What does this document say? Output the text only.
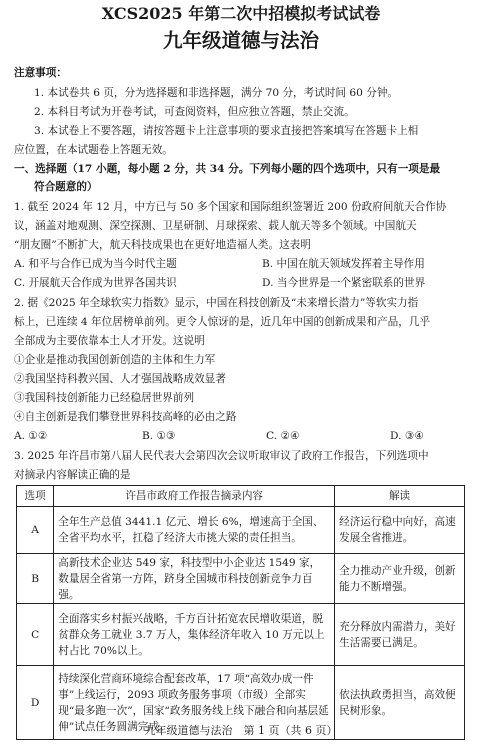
XCS2025 年第二次中招模拟考试试卷
九年级道德与法治
注意事项：
1. 本试卷共 6 页，分为选择题和非选择题，满分 70 分，考试时间 60 分钟。
2. 本科目考试为开卷考试，可查阅资料，但应独立答题，禁止交流。
3. 本试卷上不要答题，请按答题卡上注意事项的要求直接把答案填写在答题卡上相
应位置，在本试题卷上答题无效。
一、选择题（17 小题，每小题 2 分，共 34 分。下列每小题的四个选项中，只有一项是最
符合题意的）
1. 截至 2024 年 12 月，中方已与 50 多个国家和国际组织签署近 200 份政府间航天合作协
议，涵盖对地观测、深空探测、卫星研制、月球探索、载人航天等多个领域。中国航天
“朋友圈”不断扩大，航天科技成果也在更好地造福人类。这表明
A. 和平与合作已成为当今时代主题	B. 中国在航天领域发挥着主导作用
C. 开展航天合作成为世界各国共识	D. 当今世界是一个紧密联系的世界
2. 据《2025 年全球软实力指数》显示，中国在科技创新及“未来增长潜力”等软实力指
标上，已连续 4 年位居榜单前列。更令人惊讶的是，近几年中国的创新成果和产品，几乎
全部成为主要依靠本土人才开发。这说明
①企业是推动我国创新创造的主体和生力军
②我国坚持科教兴国、人才强国战略成效显著
③我国科技创新能力已经稳居世界前列
④自主创新是我们攀登世界科技高峰的必由之路
A. ①②	B. ①③	C. ②④	D. ③④
3. 2025 年许昌市第八届人民代表大会第四次会议听取审议了政府工作报告，下列选项中
对摘录内容解读正确的是
选项	许昌市政府工作报告摘录内容	解读
A	全年生产总值 3441.1 亿元、增长 6%，增速高于全国、全省平均水平，扛稳了经济大市挑大梁的责任担当。	经济运行稳中向好，高速发展全省推进。
B	高新技术企业达 549 家，科技型中小企业达 1549 家，数量居全省第一方阵，跻身全国城市科技创新竞争力百强。	全力推动产业升级，创新能力不断增强。
C	全面落实乡村振兴战略，千方百计拓宽农民增收渠道，脱贫群众务工就业 3.7 万人，集体经济年收入 10 万元以上村占比 70%以上。	充分释放内需潜力，美好生活需要已满足。
D	持续深化营商环境综合配套改革，17 项“高效办成一件事”上线运行，2093 项政务服务事项（市级）全部实现“最多跑一次”，国家“政务服务线上线下融合和向基层延伸”试点任务圆满完成。	依法执政勇担当，高效便民树形象。
九年级道德与法治　第 1 页（共 6 页）
